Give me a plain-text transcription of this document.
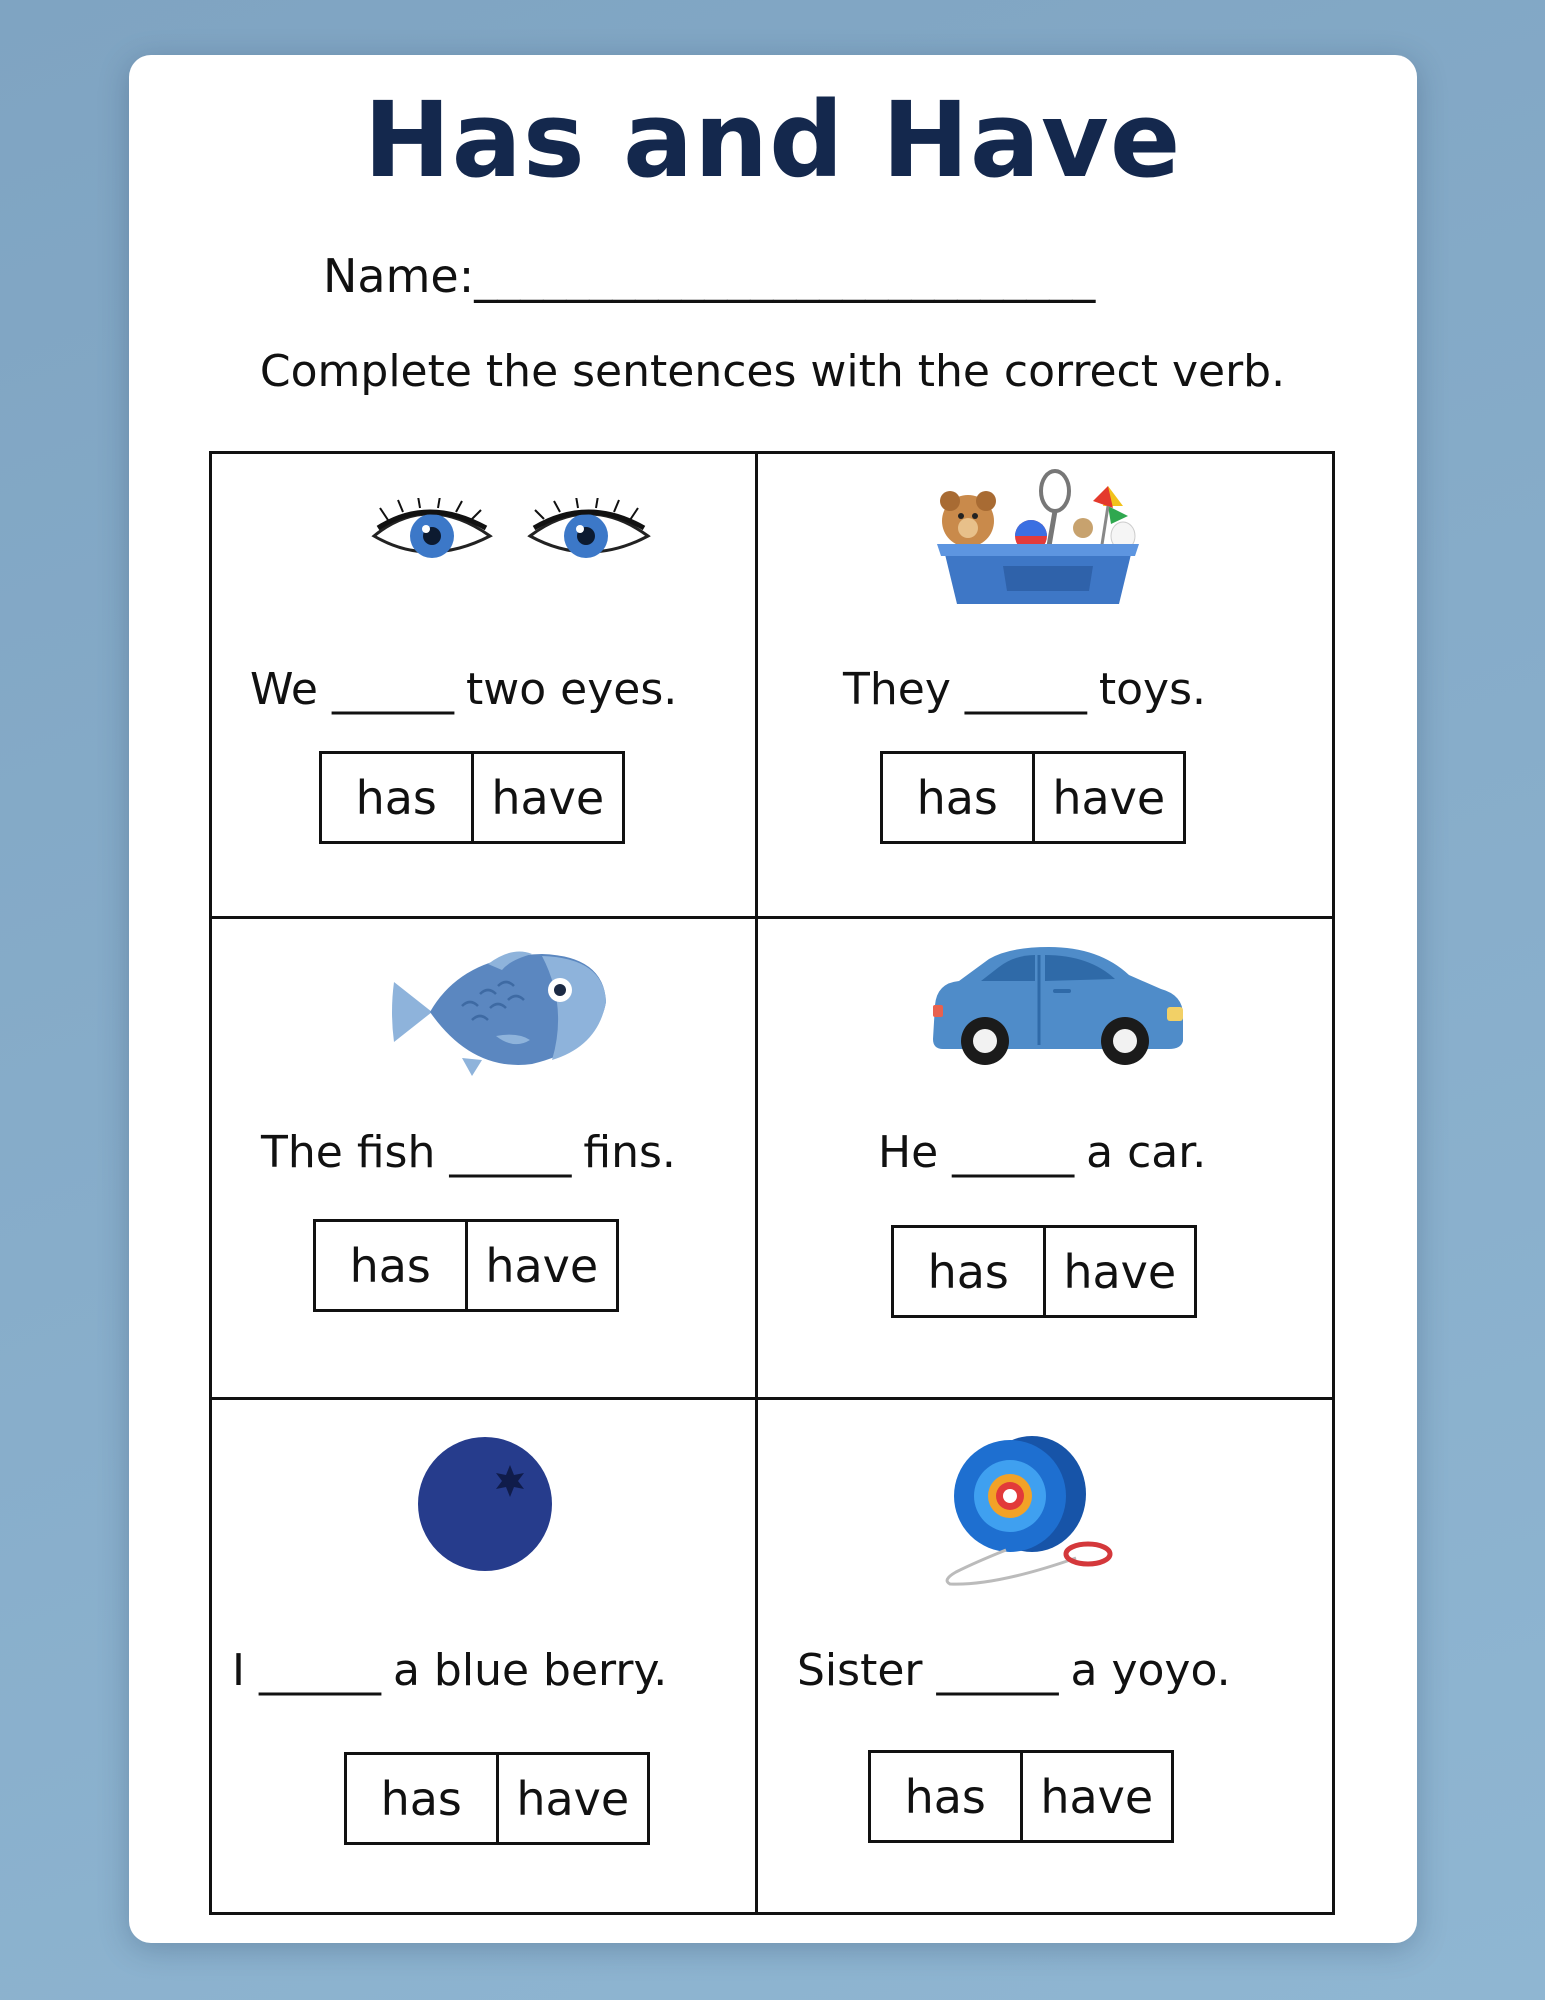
Has and Have
Name:___________________________
Complete the sentences with the correct verb.
We ______ two eyes.
has	have
They ______ toys.
has	have
The fish ______ fins.
has	have
He ______ a car.
has	have
I ______ a blue berry.
has	have
Sister ______ a yoyo.
has	have
